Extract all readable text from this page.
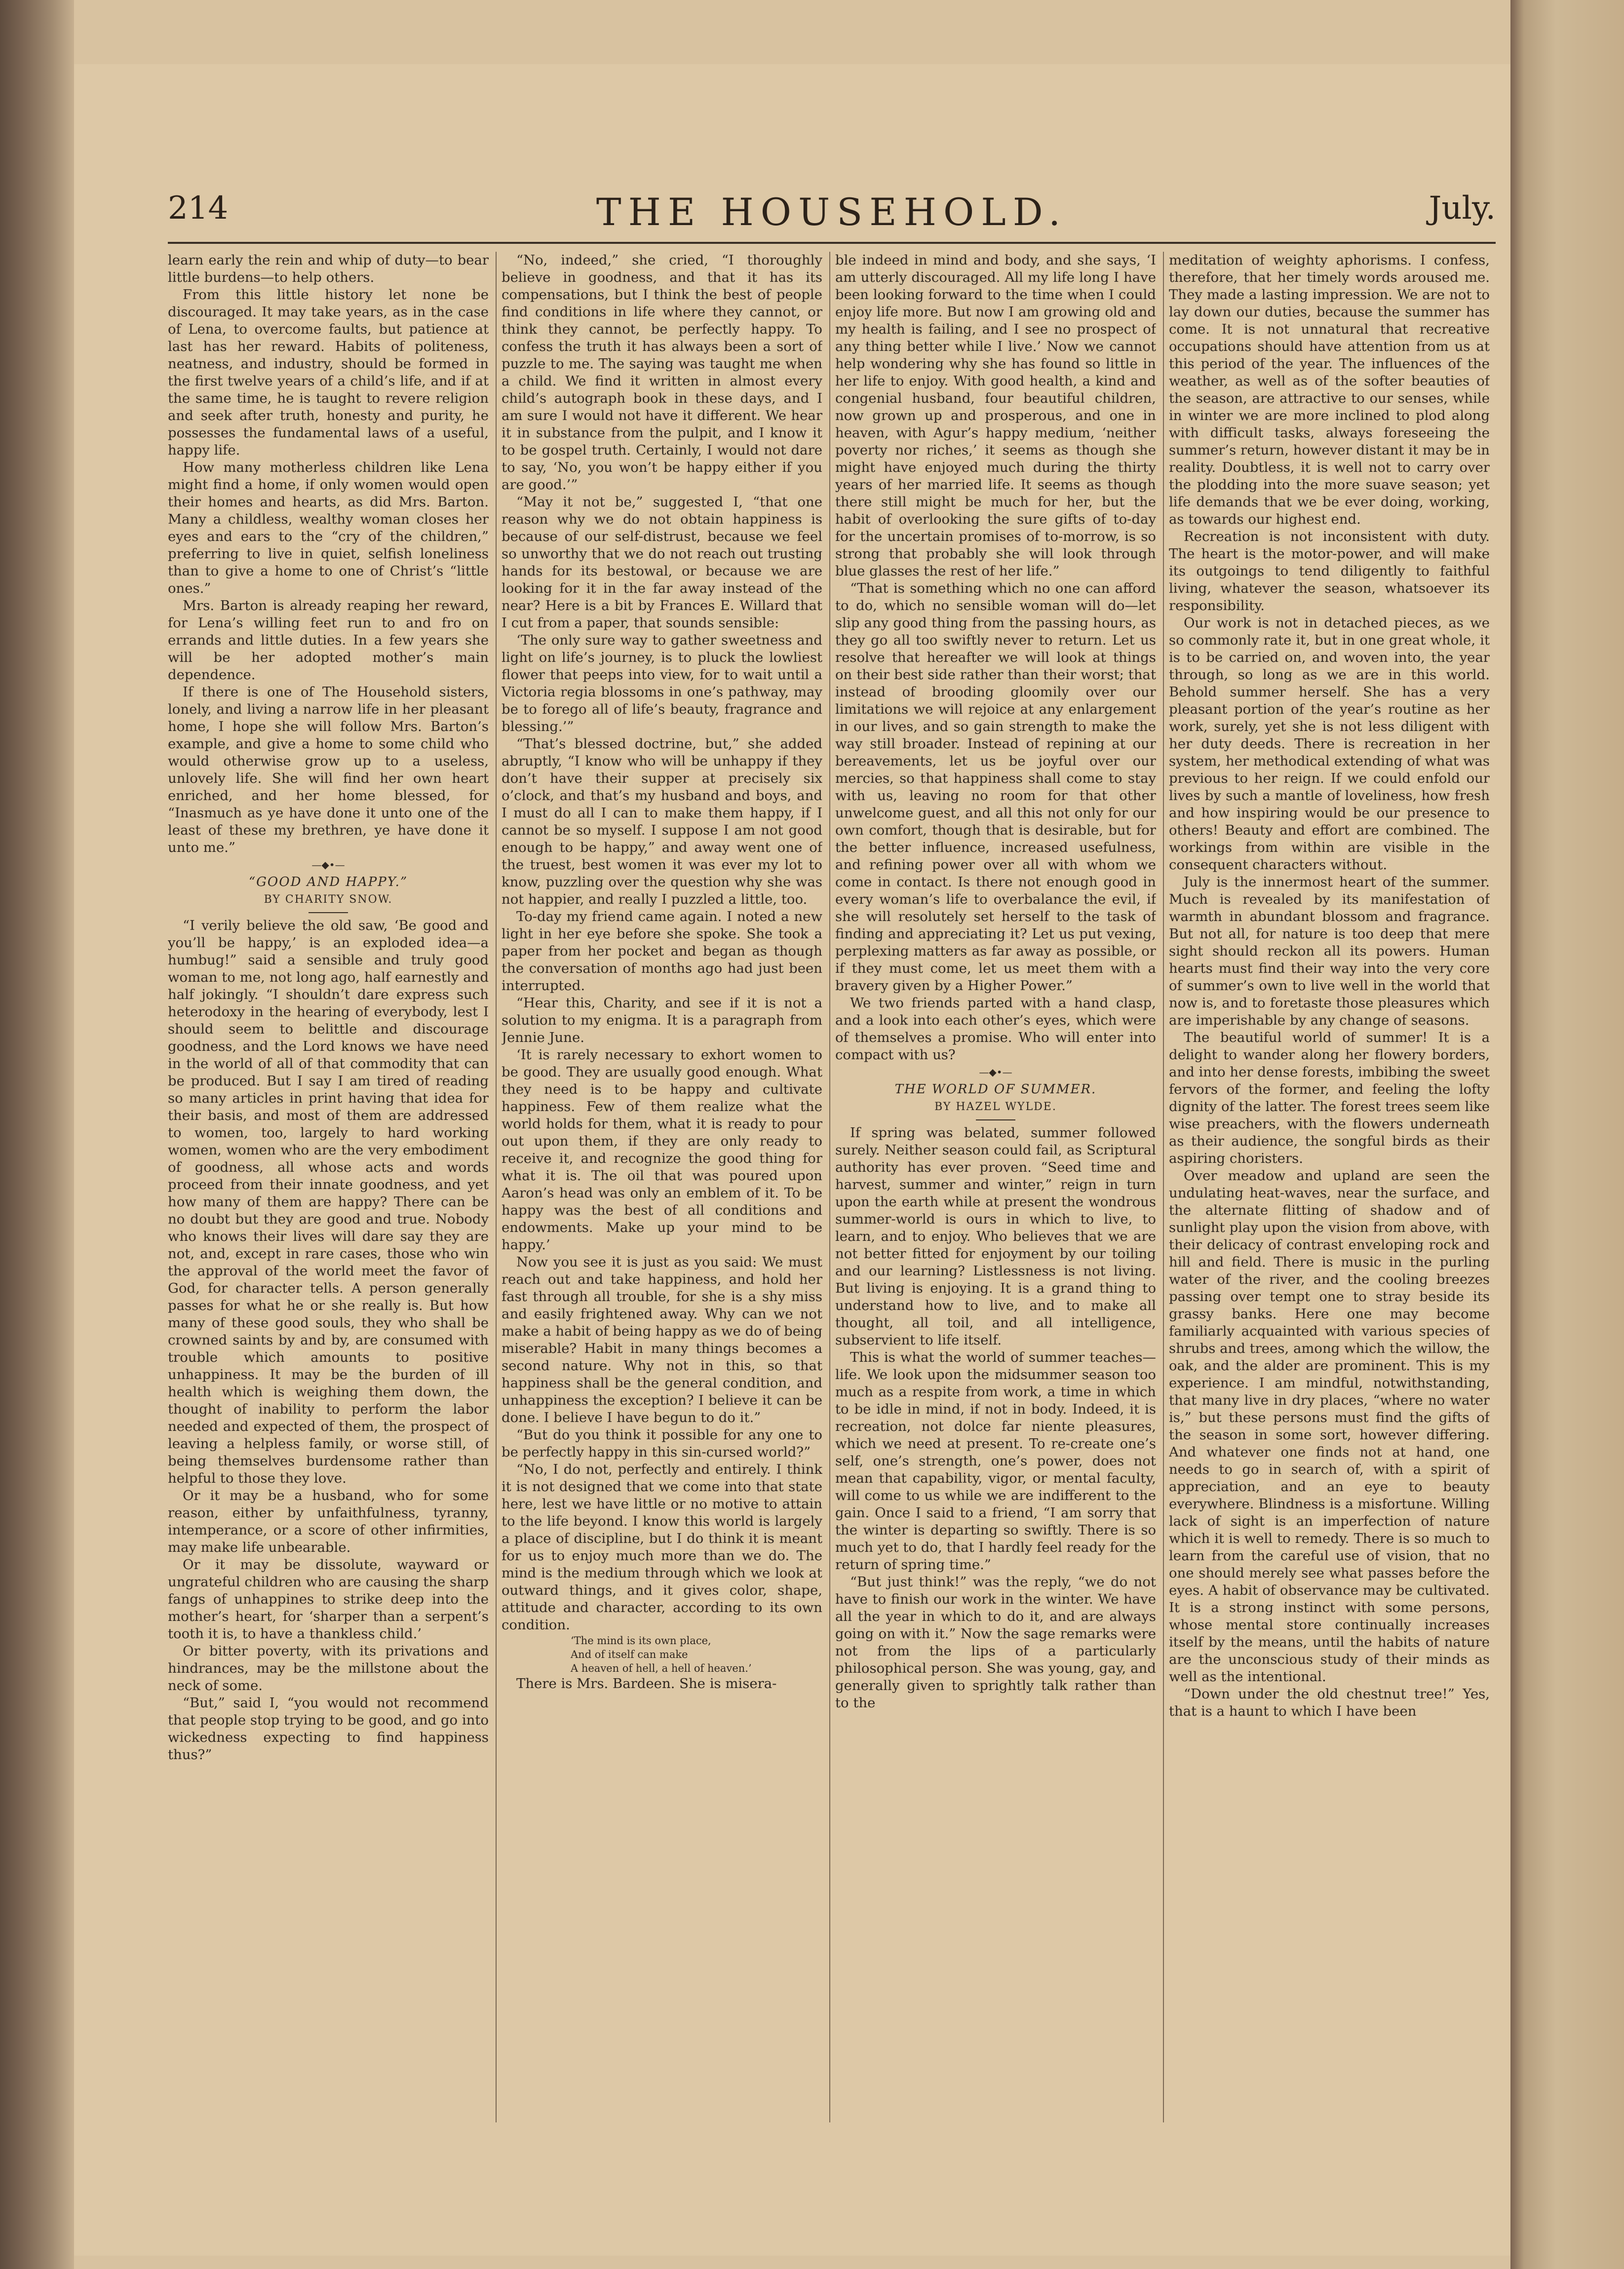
214	THE HOUSEHOLD.	July.

learn early the rein and whip of duty—to bear little burdens—to help others.

From this little history let none be discouraged. It may take years, as in the case of Lena, to overcome faults, but patience at last has her reward. Habits of politeness, neatness, and industry, should be formed in the first twelve years of a child’s life, and if at the same time, he is taught to revere religion and seek after truth, honesty and purity, he possesses the fundamental laws of a useful, happy life.

How many motherless children like Lena might find a home, if only women would open their homes and hearts, as did Mrs. Barton. Many a childless, wealthy woman closes her eyes and ears to the “cry of the children,” preferring to live in quiet, selfish loneliness than to give a home to one of Christ’s “little ones.”

Mrs. Barton is already reaping her reward, for Lena’s willing feet run to and fro on errands and little duties. In a few years she will be her adopted mother’s main dependence.

If there is one of The Household sisters, lonely, and living a narrow life in her pleasant home, I hope she will follow Mrs. Barton’s example, and give a home to some child who would otherwise grow up to a useless, unlovely life. She will find her own heart enriched, and her home blessed, for “Inasmuch as ye have done it unto one of the least of these my brethren, ye have done it unto me.”

—◆•—

“GOOD AND HAPPY.”

BY CHARITY SNOW.

“I verily believe the old saw, ‘Be good and you’ll be happy,’ is an exploded idea—a humbug!” said a sensible and truly good woman to me, not long ago, half earnestly and half jokingly. “I shouldn’t dare express such heterodoxy in the hearing of everybody, lest I should seem to belittle and discourage goodness, and the Lord knows we have need in the world of all of that commodity that can be produced. But I say I am tired of reading so many articles in print having that idea for their basis, and most of them are addressed to women, too, largely to hard working women, women who are the very embodiment of goodness, all whose acts and words proceed from their innate goodness, and yet how many of them are happy? There can be no doubt but they are good and true. Nobody who knows their lives will dare say they are not, and, except in rare cases, those who win the approval of the world meet the favor of God, for character tells. A person generally passes for what he or she really is. But how many of these good souls, they who shall be crowned saints by and by, are consumed with trouble which amounts to positive unhappiness. It may be the burden of ill health which is weighing them down, the thought of inability to perform the labor needed and expected of them, the prospect of leaving a helpless family, or worse still, of being themselves burdensome rather than helpful to those they love.

Or it may be a husband, who for some reason, either by unfaithfulness, tyranny, intemperance, or a score of other infirmities, may make life unbearable.

Or it may be dissolute, wayward or ungrateful children who are causing the sharp fangs of unhappines to strike deep into the mother’s heart, for ‘sharper than a serpent’s tooth it is, to have a thankless child.’

Or bitter poverty, with its privations and hindrances, may be the millstone about the neck of some.

“But,” said I, “you would not recommend that people stop trying to be good, and go into wickedness expecting to find happiness thus?”

“No, indeed,” she cried, “I thoroughly believe in goodness, and that it has its compensations, but I think the best of people find conditions in life where they cannot, or think they cannot, be perfectly happy. To confess the truth it has always been a sort of puzzle to me. The saying was taught me when a child. We find it written in almost every child’s autograph book in these days, and I am sure I would not have it different. We hear it in substance from the pulpit, and I know it to be gospel truth. Certainly, I would not dare to say, ‘No, you won’t be happy either if you are good.’”

“May it not be,” suggested I, “that one reason why we do not obtain happiness is because of our self-distrust, because we feel so unworthy that we do not reach out trusting hands for its bestowal, or because we are looking for it in the far away instead of the near? Here is a bit by Frances E. Willard that I cut from a paper, that sounds sensible:

‘The only sure way to gather sweetness and light on life’s journey, is to pluck the lowliest flower that peeps into view, for to wait until a Victoria regia blossoms in one’s pathway, may be to forego all of life’s beauty, fragrance and blessing.’”

“That’s blessed doctrine, but,” she added abruptly, “I know who will be unhappy if they don’t have their supper at precisely six o’clock, and that’s my husband and boys, and I must do all I can to make them happy, if I cannot be so myself. I suppose I am not good enough to be happy,” and away went one of the truest, best women it was ever my lot to know, puzzling over the question why she was not happier, and really I puzzled a little, too.

To-day my friend came again. I noted a new light in her eye before she spoke. She took a paper from her pocket and began as though the conversation of months ago had just been interrupted.

“Hear this, Charity, and see if it is not a solution to my enigma. It is a paragraph from Jennie June.

‘It is rarely necessary to exhort women to be good. They are usually good enough. What they need is to be happy and cultivate happiness. Few of them realize what the world holds for them, what it is ready to pour out upon them, if they are only ready to receive it, and recognize the good thing for what it is. The oil that was poured upon Aaron’s head was only an emblem of it. To be happy was the best of all conditions and endowments. Make up your mind to be happy.’

Now you see it is just as you said: We must reach out and take happiness, and hold her fast through all trouble, for she is a shy miss and easily frightened away. Why can we not make a habit of being happy as we do of being miserable? Habit in many things becomes a second nature. Why not in this, so that happiness shall be the general condition, and unhappiness the exception? I believe it can be done. I believe I have begun to do it.”

“But do you think it possible for any one to be perfectly happy in this sin-cursed world?”

“No, I do not, perfectly and entirely. I think it is not designed that we come into that state here, lest we have little or no motive to attain to the life beyond. I know this world is largely a place of discipline, but I do think it is meant for us to enjoy much more than we do. The mind is the medium through which we look at outward things, and it gives color, shape, attitude and character, according to its own condition.

‘The mind is its own place,

And of itself can make

A heaven of hell, a hell of heaven.’

There is Mrs. Bardeen. She is misera-

ble indeed in mind and body, and she says, ‘I am utterly discouraged. All my life long I have been looking forward to the time when I could enjoy life more. But now I am growing old and my health is failing, and I see no prospect of any thing better while I live.’ Now we cannot help wondering why she has found so little in her life to enjoy. With good health, a kind and congenial husband, four beautiful children, now grown up and prosperous, and one in heaven, with Agur’s happy medium, ‘neither poverty nor riches,’ it seems as though she might have enjoyed much during the thirty years of her married life. It seems as though there still might be much for her, but the habit of overlooking the sure gifts of to-day for the uncertain promises of to-morrow, is so strong that probably she will look through blue glasses the rest of her life.”

“That is something which no one can afford to do, which no sensible woman will do—let slip any good thing from the passing hours, as they go all too swiftly never to return. Let us resolve that hereafter we will look at things on their best side rather than their worst; that instead of brooding gloomily over our limitations we will rejoice at any enlargement in our lives, and so gain strength to make the way still broader. Instead of repining at our bereavements, let us be joyful over our mercies, so that happiness shall come to stay with us, leaving no room for that other unwelcome guest, and all this not only for our own comfort, though that is desirable, but for the better influence, increased usefulness, and refining power over all with whom we come in contact. Is there not enough good in every woman’s life to overbalance the evil, if she will resolutely set herself to the task of finding and appreciating it? Let us put vexing, perplexing matters as far away as possible, or if they must come, let us meet them with a bravery given by a Higher Power.”

We two friends parted with a hand clasp, and a look into each other’s eyes, which were of themselves a promise. Who will enter into compact with us?

—◆•—

THE WORLD OF SUMMER.

BY HAZEL WYLDE.

If spring was belated, summer followed surely. Neither season could fail, as Scriptural authority has ever proven. “Seed time and harvest, summer and winter,” reign in turn upon the earth while at present the wondrous summer-world is ours in which to live, to learn, and to enjoy. Who believes that we are not better fitted for enjoyment by our toiling and our learning? Listlessness is not living. But living is enjoying. It is a grand thing to understand how to live, and to make all thought, all toil, and all intelligence, subservient to life itself.

This is what the world of summer teaches—life. We look upon the midsummer season too much as a respite from work, a time in which to be idle in mind, if not in body. Indeed, it is recreation, not dolce far niente pleasures, which we need at present. To re-create one’s self, one’s strength, one’s power, does not mean that capability, vigor, or mental faculty, will come to us while we are indifferent to the gain. Once I said to a friend, “I am sorry that the winter is departing so swiftly. There is so much yet to do, that I hardly feel ready for the return of spring time.”

“But just think!” was the reply, “we do not have to finish our work in the winter. We have all the year in which to do it, and are always going on with it.” Now the sage remarks were not from the lips of a particularly philosophical person. She was young, gay, and generally given to sprightly talk rather than to the

meditation of weighty aphorisms. I confess, therefore, that her timely words aroused me. They made a lasting impression. We are not to lay down our duties, because the summer has come. It is not unnatural that recreative occupations should have attention from us at this period of the year. The influences of the weather, as well as of the softer beauties of the season, are attractive to our senses, while in winter we are more inclined to plod along with difficult tasks, always foreseeing the summer’s return, however distant it may be in reality. Doubtless, it is well not to carry over the plodding into the more suave season; yet life demands that we be ever doing, working, as towards our highest end.

Recreation is not inconsistent with duty. The heart is the motor-power, and will make its outgoings to tend diligently to faithful living, whatever the season, whatsoever its responsibility.

Our work is not in detached pieces, as we so commonly rate it, but in one great whole, it is to be carried on, and woven into, the year through, so long as we are in this world. Behold summer herself. She has a very pleasant portion of the year’s routine as her work, surely, yet she is not less diligent with her duty deeds. There is recreation in her system, her methodical extending of what was previous to her reign. If we could enfold our lives by such a mantle of loveliness, how fresh and how inspiring would be our presence to others! Beauty and effort are combined. The workings from within are visible in the consequent characters without.

July is the innermost heart of the summer. Much is revealed by its manifestation of warmth in abundant blossom and fragrance. But not all, for nature is too deep that mere sight should reckon all its powers. Human hearts must find their way into the very core of summer’s own to live well in the world that now is, and to foretaste those pleasures which are imperishable by any change of seasons.

The beautiful world of summer! It is a delight to wander along her flowery borders, and into her dense forests, imbibing the sweet fervors of the former, and feeling the lofty dignity of the latter. The forest trees seem like wise preachers, with the flowers underneath as their audience, the songful birds as their aspiring choristers.

Over meadow and upland are seen the undulating heat-waves, near the surface, and the alternate flitting of shadow and of sunlight play upon the vision from above, with their delicacy of contrast enveloping rock and hill and field. There is music in the purling water of the river, and the cooling breezes passing over tempt one to stray beside its grassy banks. Here one may become familiarly acquainted with various species of shrubs and trees, among which the willow, the oak, and the alder are prominent. This is my experience. I am mindful, notwithstanding, that many live in dry places, “where no water is,” but these persons must find the gifts of the season in some sort, however differing. And whatever one finds not at hand, one needs to go in search of, with a spirit of appreciation, and an eye to beauty everywhere. Blindness is a misfortune. Willing lack of sight is an imperfection of nature which it is well to remedy. There is so much to learn from the careful use of vision, that no one should merely see what passes before the eyes. A habit of observance may be cultivated. It is a strong instinct with some persons, whose mental store continually increases itself by the means, until the habits of nature are the unconscious study of their minds as well as the intentional.

“Down under the old chestnut tree!” Yes, that is a haunt to which I have been
